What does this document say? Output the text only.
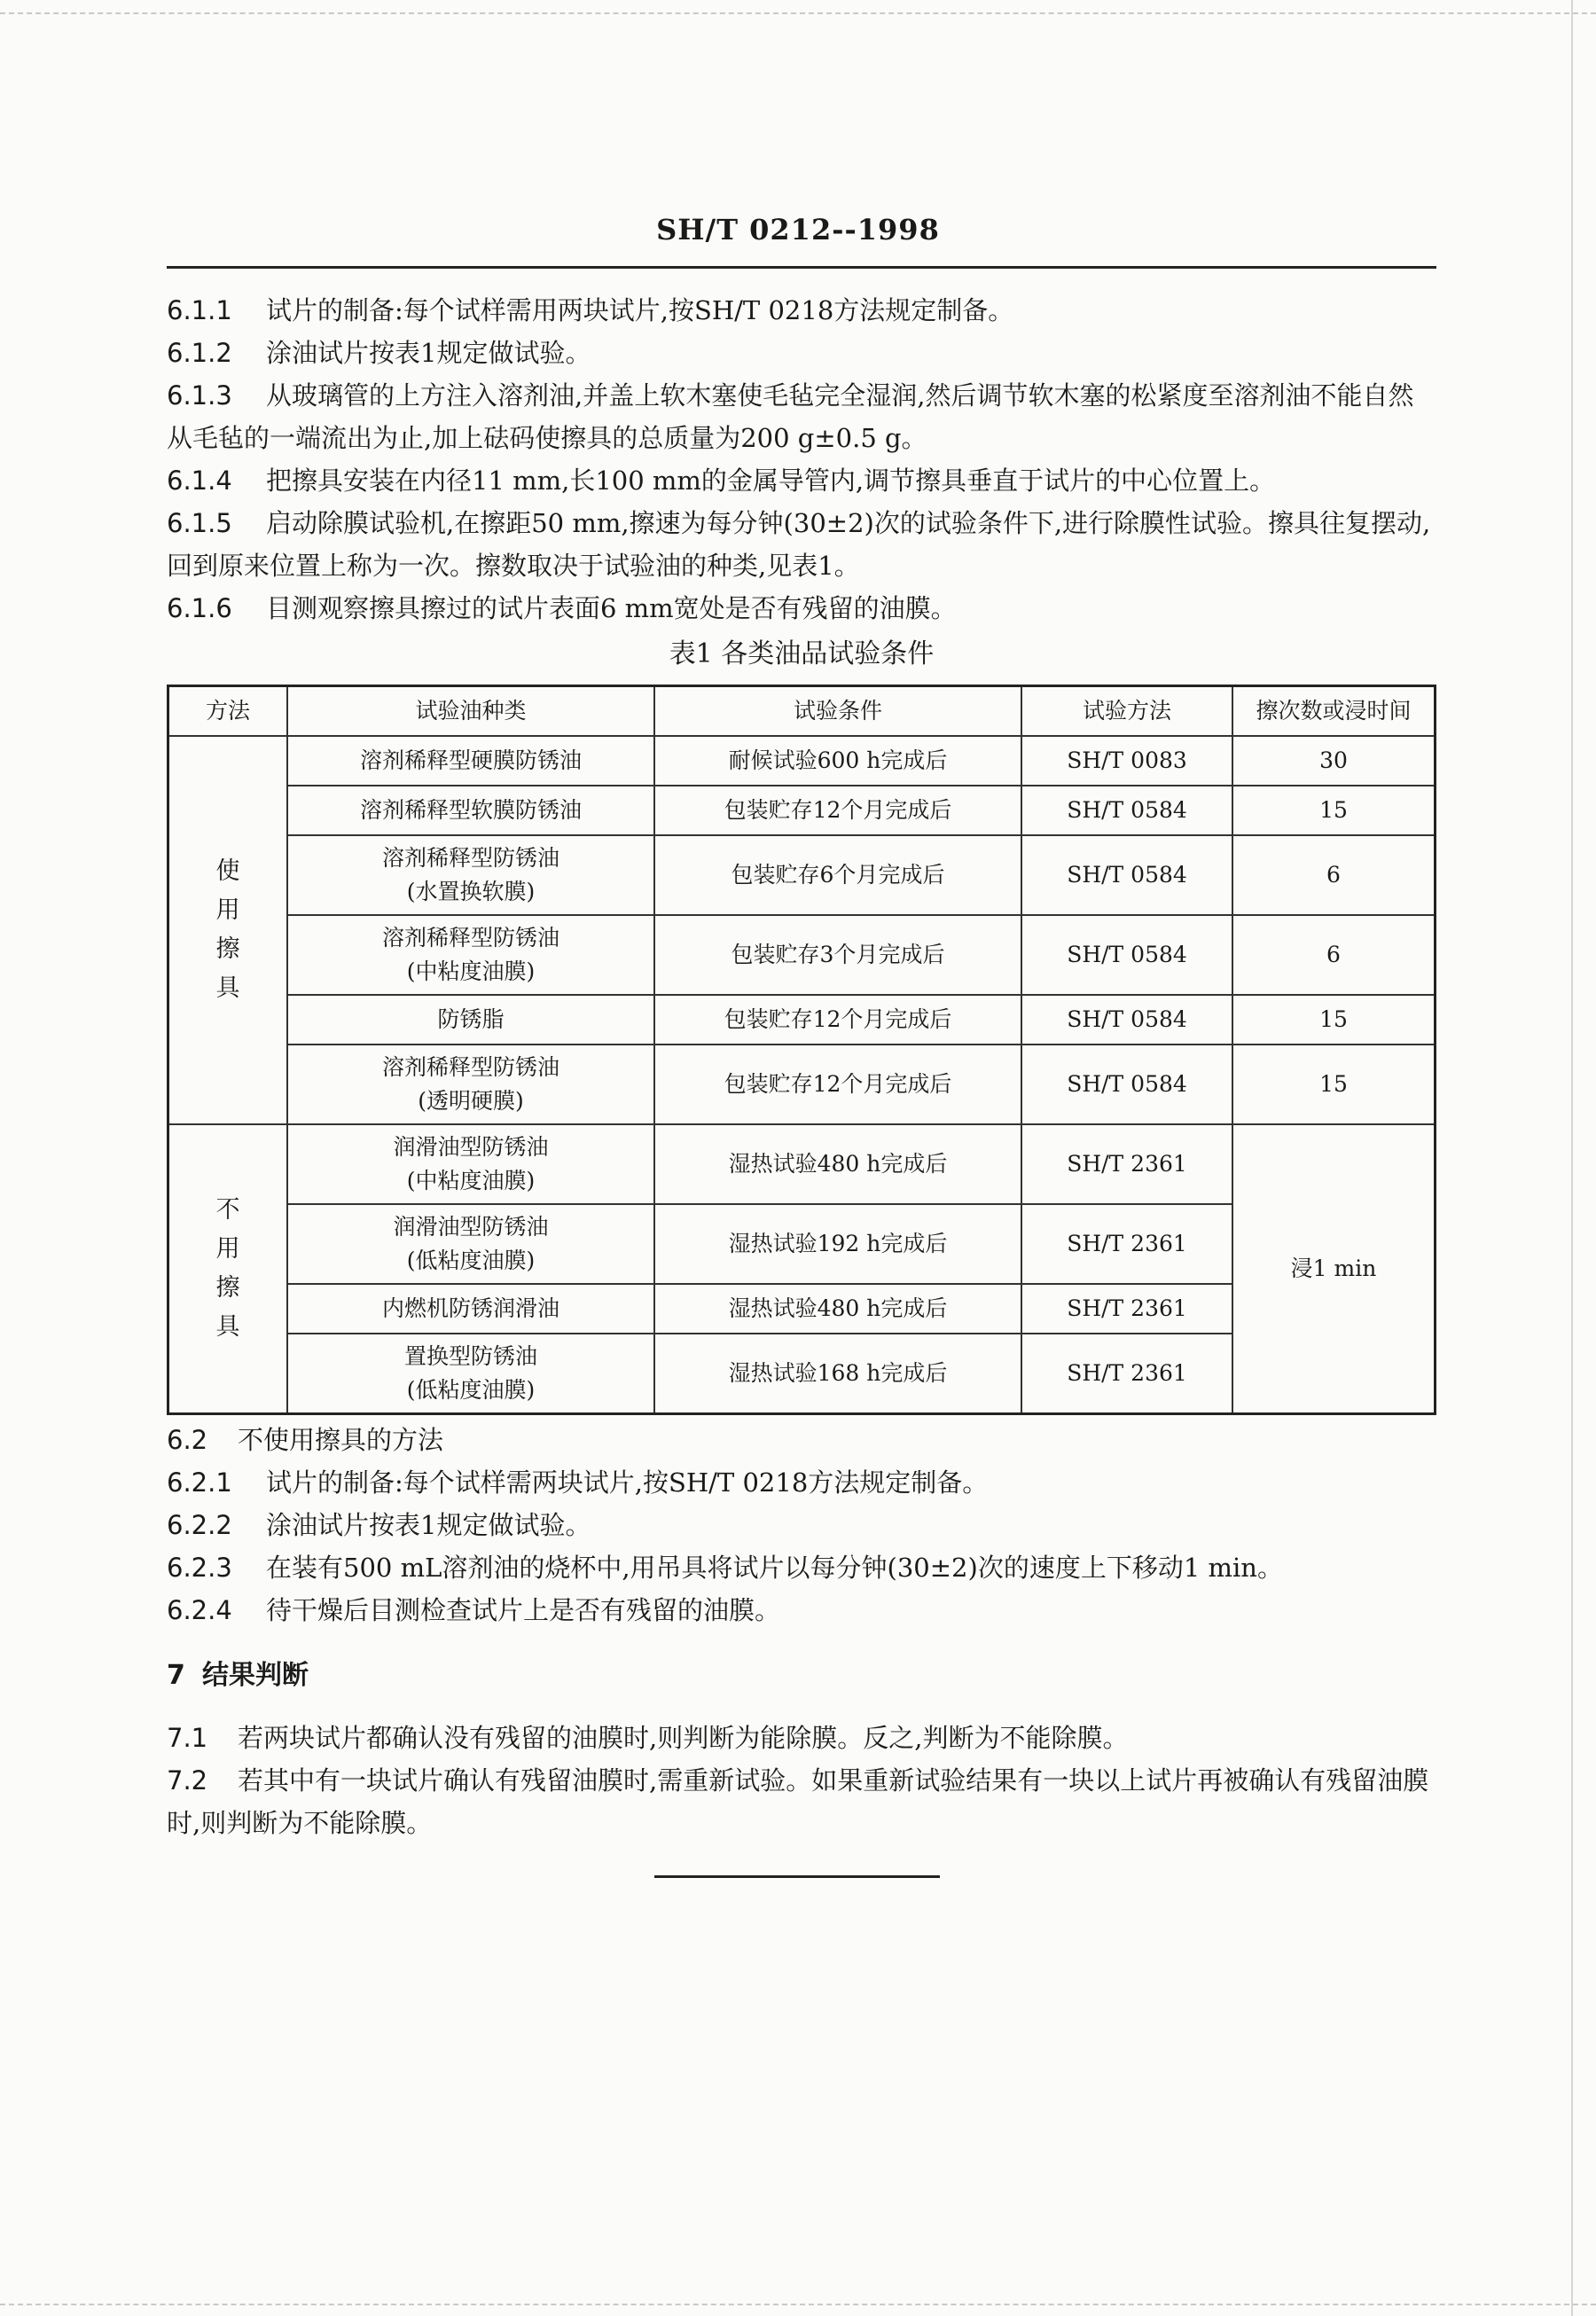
SH/T 0212--1998

6.1.1 试片的制备:每个试样需用两块试片,按SH/T 0218方法规定制备。

6.1.2 涂油试片按表1规定做试验。

6.1.3 从玻璃管的上方注入溶剂油,并盖上软木塞使毛毡完全湿润,然后调节软木塞的松紧度至溶剂油不能自然从毛毡的一端流出为止,加上砝码使擦具的总质量为200 g±0.5 g。

6.1.4 把擦具安装在内径11 mm,长100 mm的金属导管内,调节擦具垂直于试片的中心位置上。

6.1.5 启动除膜试验机,在擦距50 mm,擦速为每分钟(30±2)次的试验条件下,进行除膜性试验。擦具往复摆动,回到原来位置上称为一次。擦数取决于试验油的种类,见表1。

6.1.6 目测观察擦具擦过的试片表面6 mm宽处是否有残留的油膜。

表1 各类油品试验条件
方法	试验油种类	试验条件	试验方法	擦次数或浸时间

使
用
擦
具	溶剂稀释型硬膜防锈油	耐候试验600 h完成后	SH/T 0083	30
	溶剂稀释型软膜防锈油	包装贮存12个月完成后	SH/T 0584	15

	溶剂稀释型防锈油
(水置换软膜)	包装贮存6个月完成后	SH/T 0584	6

	溶剂稀释型防锈油
(中粘度油膜)	包装贮存3个月完成后	SH/T 0584	6
	防锈脂	包装贮存12个月完成后	SH/T 0584	15

	溶剂稀释型防锈油
(透明硬膜)	包装贮存12个月完成后	SH/T 0584	15

不
用
擦
具	润滑油型防锈油
(中粘度油膜)	湿热试验480 h完成后	SH/T 2361	浸1 min

	润滑油型防锈油
(低粘度油膜)	湿热试验192 h完成后	SH/T 2361	
	内燃机防锈润滑油	湿热试验480 h完成后	SH/T 2361	

	置换型防锈油
(低粘度油膜)	湿热试验168 h完成后	SH/T 2361	

6.2 不使用擦具的方法

6.2.1 试片的制备:每个试样需两块试片,按SH/T 0218方法规定制备。

6.2.2 涂油试片按表1规定做试验。

6.2.3 在装有500 mL溶剂油的烧杯中,用吊具将试片以每分钟(30±2)次的速度上下移动1 min。

6.2.4 待干燥后目测检查试片上是否有残留的油膜。

7 结果判断

7.1 若两块试片都确认没有残留的油膜时,则判断为能除膜。反之,判断为不能除膜。

7.2 若其中有一块试片确认有残留油膜时,需重新试验。如果重新试验结果有一块以上试片再被确认有残留油膜时,则判断为不能除膜。
